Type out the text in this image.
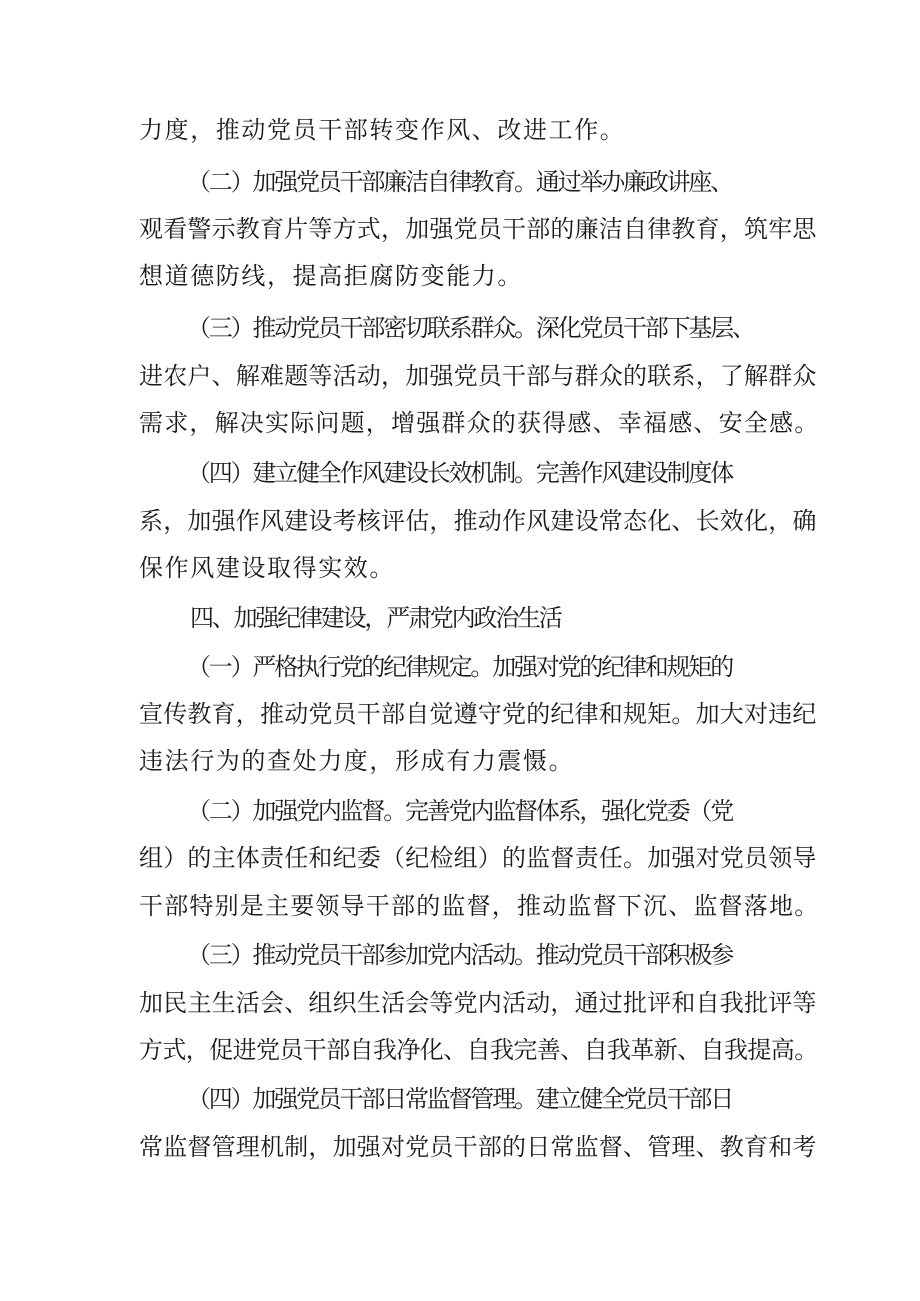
力度，推动党员干部转变作风、改进工作。
（二）加强党员干部廉洁自律教育。通过举办廉政讲座、
观看警示教育片等方式，加强党员干部的廉洁自律教育，筑牢思
想道德防线，提高拒腐防变能力。
（三）推动党员干部密切联系群众。深化党员干部下基层、
进农户、解难题等活动，加强党员干部与群众的联系，了解群众
需求，解决实际问题，增强群众的获得感、幸福感、安全感。
（四）建立健全作风建设长效机制。完善作风建设制度体
系，加强作风建设考核评估，推动作风建设常态化、长效化，确
保作风建设取得实效。
四、加强纪律建设，严肃党内政治生活
（一）严格执行党的纪律规定。加强对党的纪律和规矩的
宣传教育，推动党员干部自觉遵守党的纪律和规矩。加大对违纪
违法行为的查处力度，形成有力震慑。
（二）加强党内监督。完善党内监督体系，强化党委（党
组）的主体责任和纪委（纪检组）的监督责任。加强对党员领导
干部特别是主要领导干部的监督，推动监督下沉、监督落地。
（三）推动党员干部参加党内活动。推动党员干部积极参
加民主生活会、组织生活会等党内活动，通过批评和自我批评等
方式，促进党员干部自我净化、自我完善、自我革新、自我提高。
（四）加强党员干部日常监督管理。建立健全党员干部日
常监督管理机制，加强对党员干部的日常监督、管理、教育和考
